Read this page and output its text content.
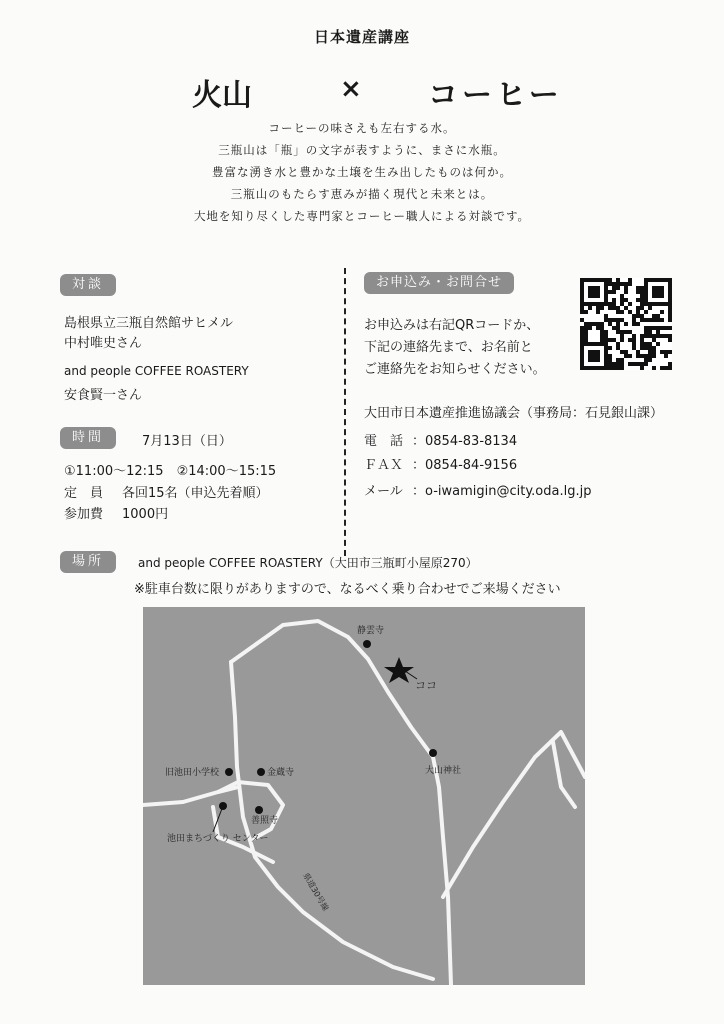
日本遺産講座
火山	× コーヒー
コーヒーの味さえも左右する水。
三瓶山は「瓶」の文字が表すように、まさに水瓶。
豊富な湧き水と豊かな土壌を生み出したものは何か。
三瓶山のもたらす恵みが描く現代と未来とは。
大地を知り尽くした専門家とコーヒー職人による対談です。
対談
島根県立三瓶自然館サヒメル
中村唯史さん
and people COFFEE ROASTERY
安食賢一さん
時間	7月13日（日）
①11:00～12:15　②14:00～15:15
定　員 各回15名（申込先着順）
参加費 1000円
お申込み・お問合せ
お申込みは右記QRコードか、
下記の連絡先まで、お名前と
ご連絡先をお知らせください。
大田市日本遺産推進協議会（事務局：石見銀山課）
電　話 ：0854-83-8134
ＦＡＸ ：0854-84-9156
メール ：o-iwamigin@city.oda.lg.jp
場所	and people COFFEE ROASTERY（大田市三瓶町小屋原270）
※駐車台数に限りがありますので、なるべく乗り合わせでご来場ください
静雲寺
ココ
大山神社
旧池田小学校	金蔵寺
善照寺
池田まちづくり センター
県道30号線
